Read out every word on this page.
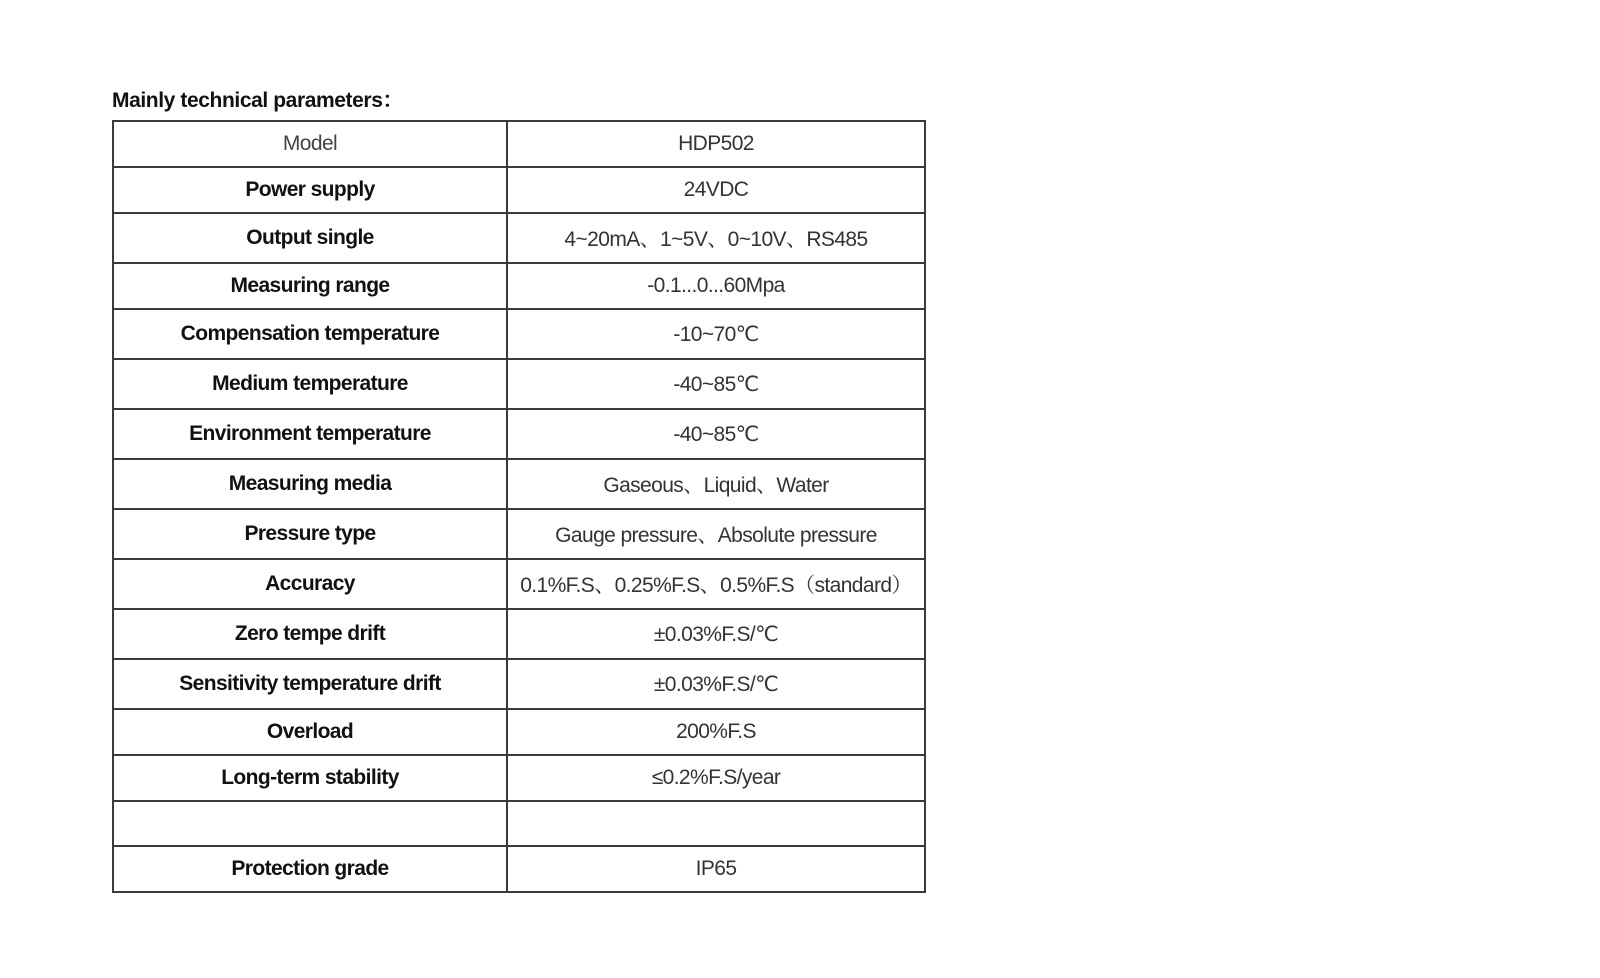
Mainly technical parameters：
Model	HDP502
Power supply	24VDC
Output single	4~20mA、1~5V、0~10V、RS485
Measuring range	-0.1...0...60Mpa
Compensation temperature	-10~70℃
Medium temperature	-40~85℃
Environment temperature	-40~85℃
Measuring media	Gaseous、Liquid、Water
Pressure type	Gauge pressure、Absolute pressure
Accuracy	0.1%F.S、0.25%F.S、0.5%F.S（standard）
Zero tempe drift	±0.03%F.S/℃
Sensitivity temperature drift	±0.03%F.S/℃
Overload	200%F.S
Long-term stability	≤0.2%F.S/year

Protection grade	IP65
